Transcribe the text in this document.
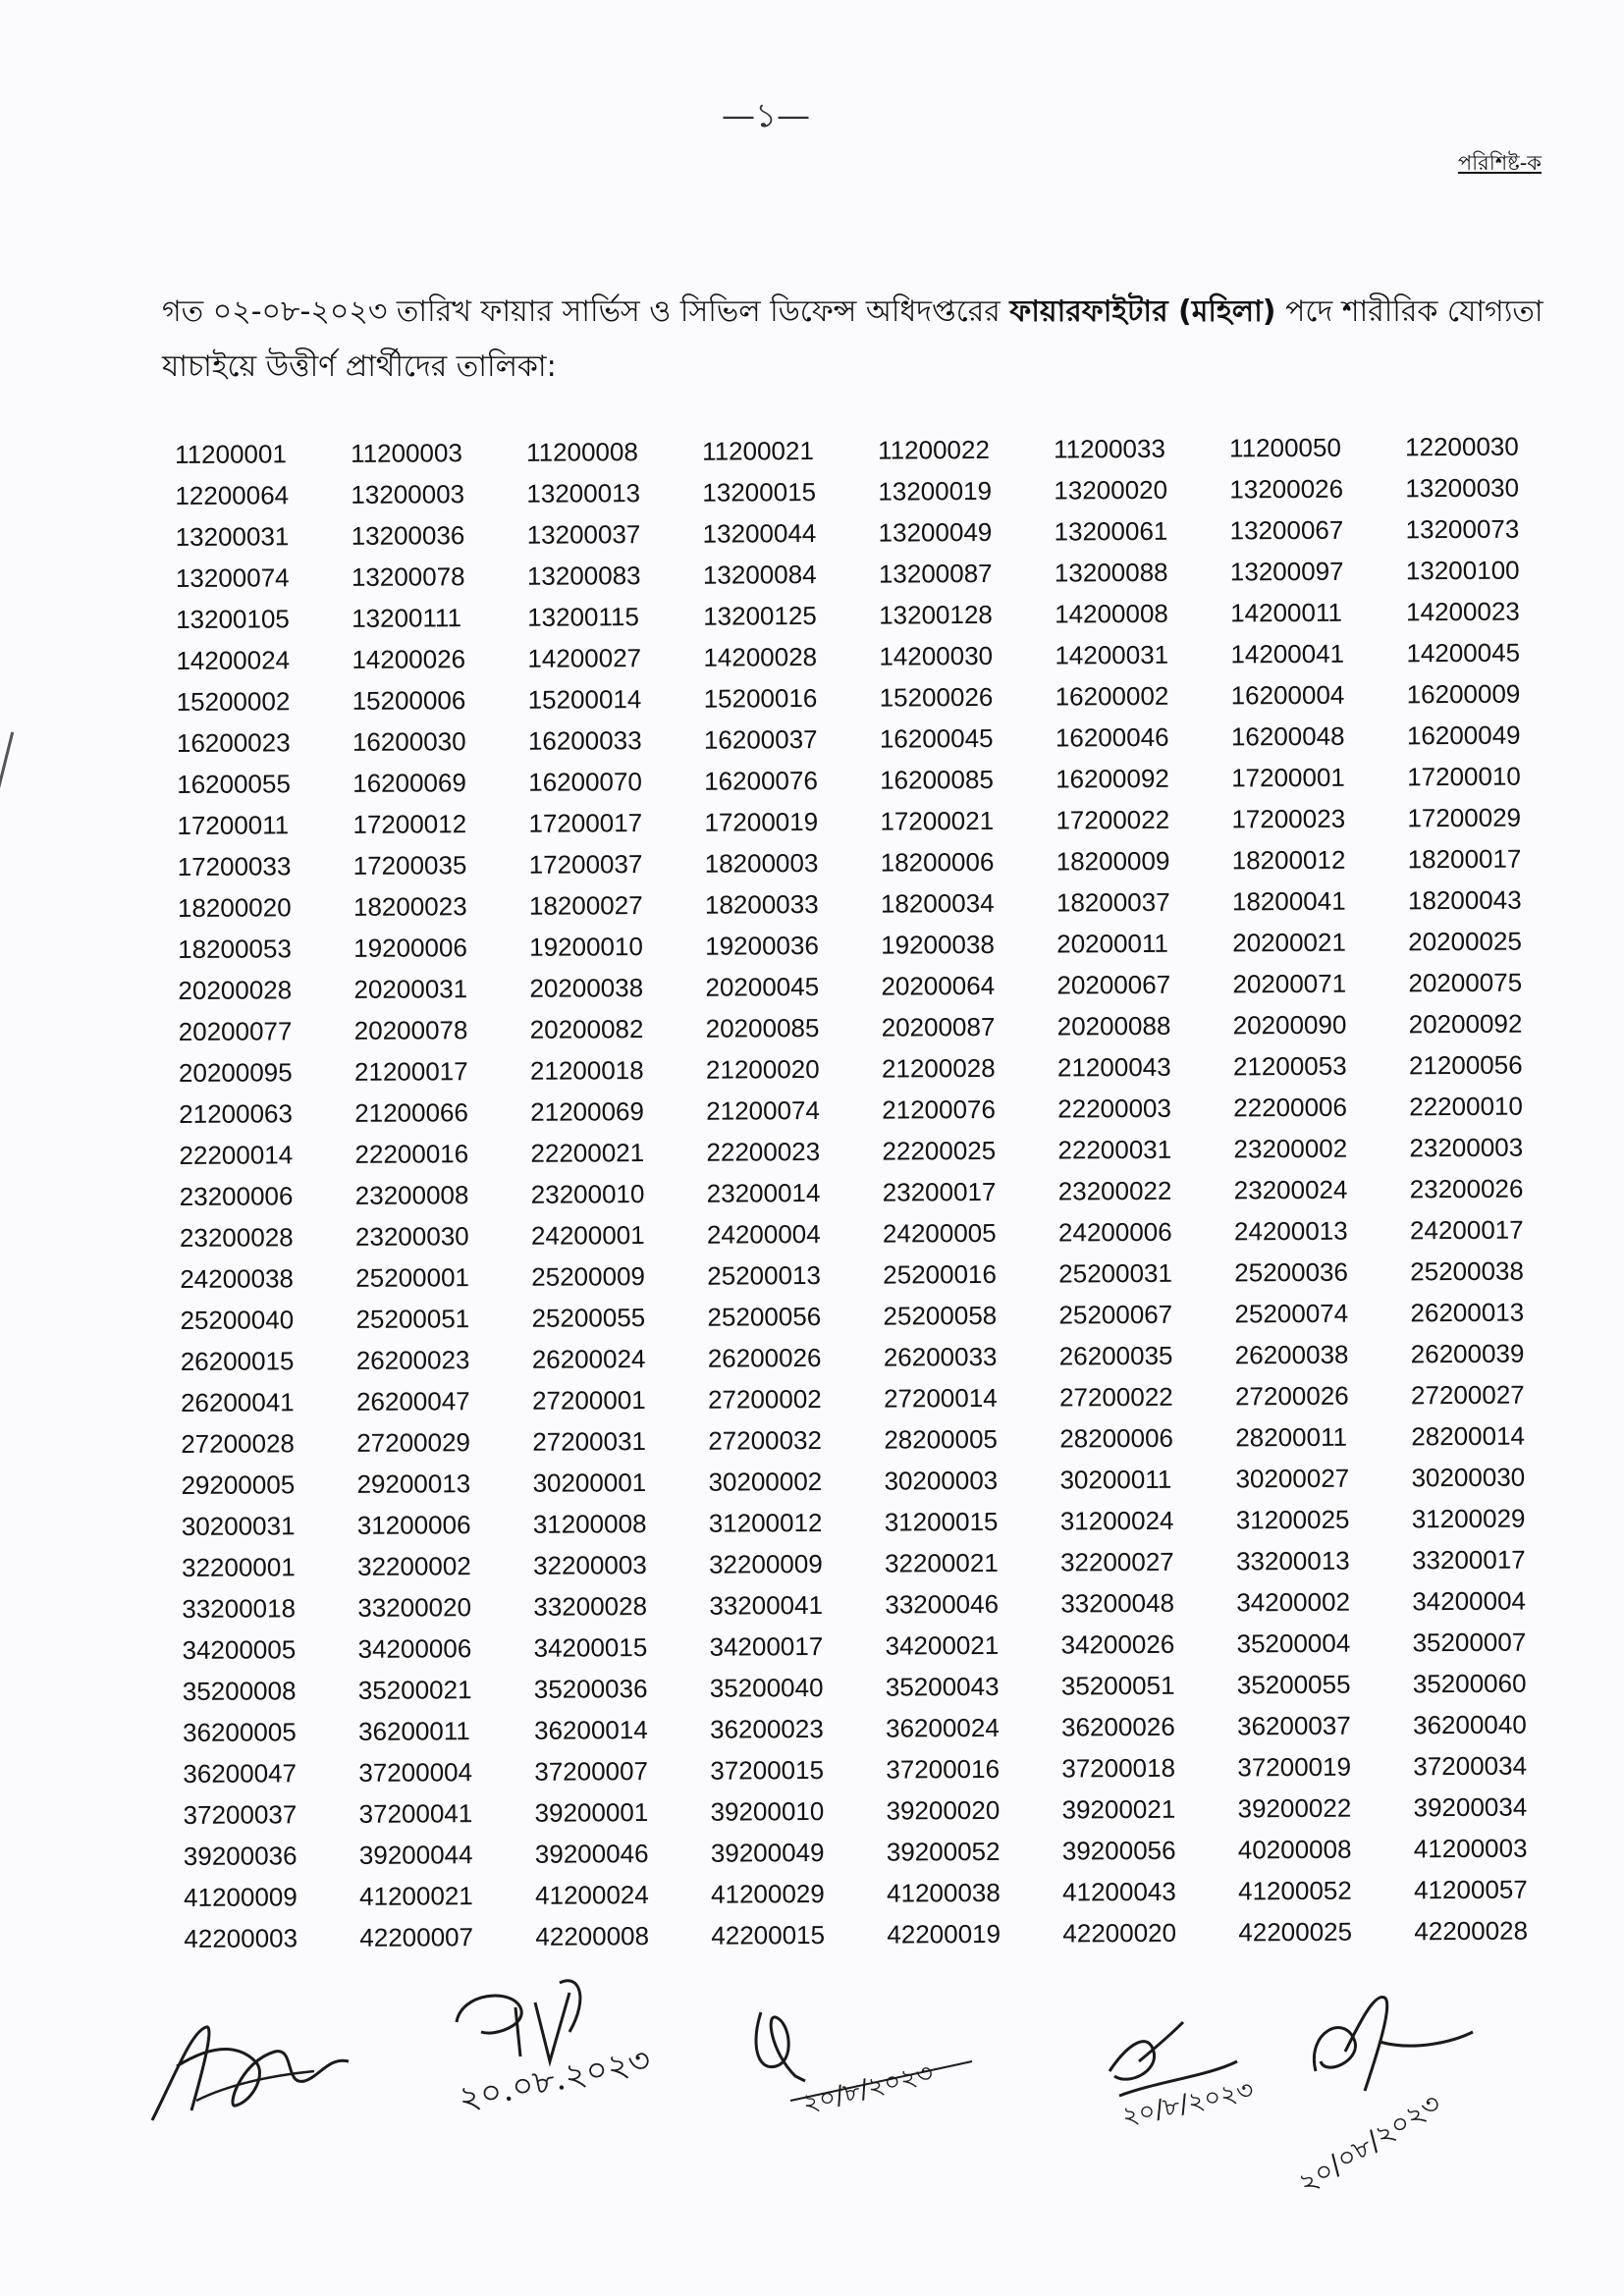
—১—
পরিশিষ্ট-ক
গত ০২-০৮-২০২৩ তারিখ ফায়ার সার্ভিস ও সিভিল ডিফেন্স অধিদপ্তরের ফায়ারফাইটার (মহিলা) পদে শারীরিক যোগ্যতা যাচাইয়ে উত্তীর্ণ প্রার্থীদের তালিকা:
11200001	11200003	11200008	11200021	11200022	11200033	11200050	12200030
12200064	13200003	13200013	13200015	13200019	13200020	13200026	13200030
13200031	13200036	13200037	13200044	13200049	13200061	13200067	13200073
13200074	13200078	13200083	13200084	13200087	13200088	13200097	13200100
13200105	13200111	13200115	13200125	13200128	14200008	14200011	14200023
14200024	14200026	14200027	14200028	14200030	14200031	14200041	14200045
15200002	15200006	15200014	15200016	15200026	16200002	16200004	16200009
16200023	16200030	16200033	16200037	16200045	16200046	16200048	16200049
16200055	16200069	16200070	16200076	16200085	16200092	17200001	17200010
17200011	17200012	17200017	17200019	17200021	17200022	17200023	17200029
17200033	17200035	17200037	18200003	18200006	18200009	18200012	18200017
18200020	18200023	18200027	18200033	18200034	18200037	18200041	18200043
18200053	19200006	19200010	19200036	19200038	20200011	20200021	20200025
20200028	20200031	20200038	20200045	20200064	20200067	20200071	20200075
20200077	20200078	20200082	20200085	20200087	20200088	20200090	20200092
20200095	21200017	21200018	21200020	21200028	21200043	21200053	21200056
21200063	21200066	21200069	21200074	21200076	22200003	22200006	22200010
22200014	22200016	22200021	22200023	22200025	22200031	23200002	23200003
23200006	23200008	23200010	23200014	23200017	23200022	23200024	23200026
23200028	23200030	24200001	24200004	24200005	24200006	24200013	24200017
24200038	25200001	25200009	25200013	25200016	25200031	25200036	25200038
25200040	25200051	25200055	25200056	25200058	25200067	25200074	26200013
26200015	26200023	26200024	26200026	26200033	26200035	26200038	26200039
26200041	26200047	27200001	27200002	27200014	27200022	27200026	27200027
27200028	27200029	27200031	27200032	28200005	28200006	28200011	28200014
29200005	29200013	30200001	30200002	30200003	30200011	30200027	30200030
30200031	31200006	31200008	31200012	31200015	31200024	31200025	31200029
32200001	32200002	32200003	32200009	32200021	32200027	33200013	33200017
33200018	33200020	33200028	33200041	33200046	33200048	34200002	34200004
34200005	34200006	34200015	34200017	34200021	34200026	35200004	35200007
35200008	35200021	35200036	35200040	35200043	35200051	35200055	35200060
36200005	36200011	36200014	36200023	36200024	36200026	36200037	36200040
36200047	37200004	37200007	37200015	37200016	37200018	37200019	37200034
37200037	37200041	39200001	39200010	39200020	39200021	39200022	39200034
39200036	39200044	39200046	39200049	39200052	39200056	40200008	41200003
41200009	41200021	41200024	41200029	41200038	41200043	41200052	41200057
42200003	42200007	42200008	42200015	42200019	42200020	42200025	42200028
২০.০৮.২০২৩	২০/৮/২০২৩	২০/৮/২০২৩ ২০/০৮/২০২৩
